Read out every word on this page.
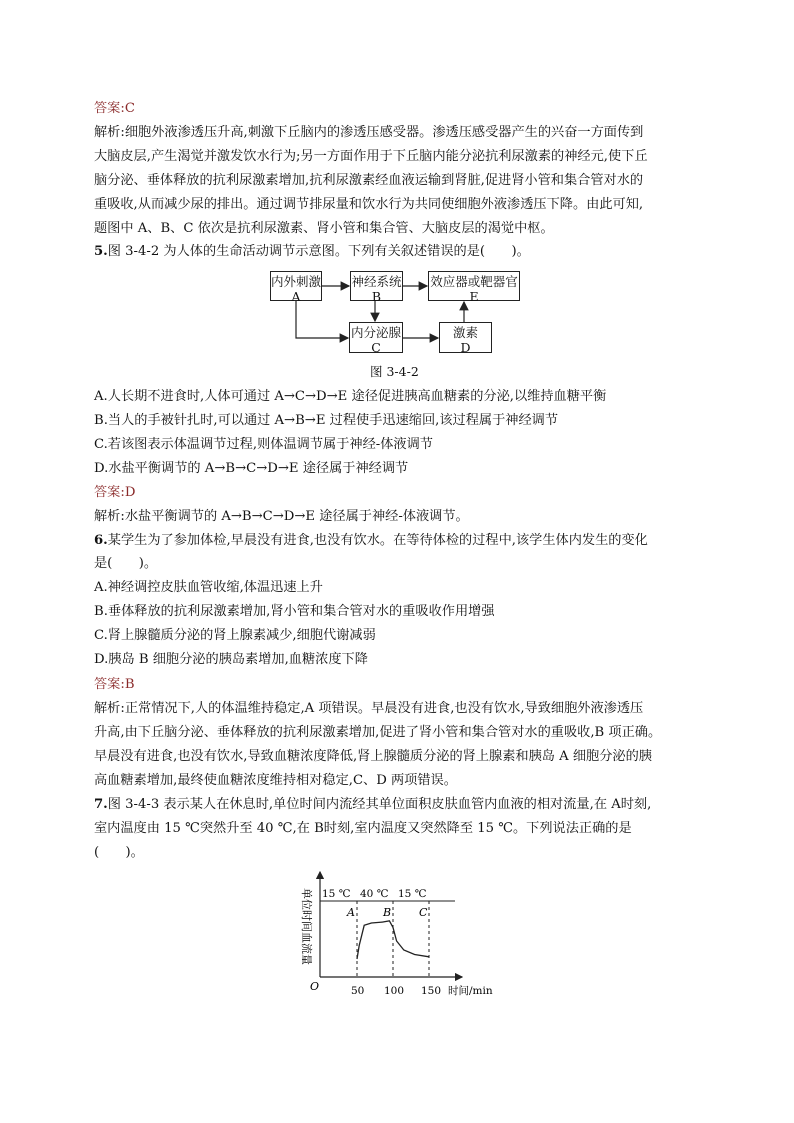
答案:C
解析:细胞外液渗透压升高,刺激下丘脑内的渗透压感受器。渗透压感受器产生的兴奋一方面传到
大脑皮层,产生渴觉并激发饮水行为;另一方面作用于下丘脑内能分泌抗利尿激素的神经元,使下丘
脑分泌、垂体释放的抗利尿激素增加,抗利尿激素经血液运输到肾脏,促进肾小管和集合管对水的
重吸收,从而减少尿的排出。通过调节排尿量和饮水行为共同使细胞外液渗透压下降。由此可知,
题图中 A、B、C 依次是抗利尿激素、肾小管和集合管、大脑皮层的渴觉中枢。
5.图 3-4-2 为人体的生命活动调节示意图。下列有关叙述错误的是(　　)。
内外刺激
A
神经系统
B
效应器或靶器官
E
内分泌腺
C
激素
D
图 3-4-2
A.人长期不进食时,人体可通过 A→C→D→E 途径促进胰高血糖素的分泌,以维持血糖平衡
B.当人的手被针扎时,可以通过 A→B→E 过程使手迅速缩回,该过程属于神经调节
C.若该图表示体温调节过程,则体温调节属于神经-体液调节
D.水盐平衡调节的 A→B→C→D→E 途径属于神经调节
答案:D
解析:水盐平衡调节的 A→B→C→D→E 途径属于神经-体液调节。
6.某学生为了参加体检,早晨没有进食,也没有饮水。在等待体检的过程中,该学生体内发生的变化
是(　　)。
A.神经调控皮肤血管收缩,体温迅速上升
B.垂体释放的抗利尿激素增加,肾小管和集合管对水的重吸收作用增强
C.肾上腺髓质分泌的肾上腺素减少,细胞代谢减弱
D.胰岛 B 细胞分泌的胰岛素增加,血糖浓度下降
答案:B
解析:正常情况下,人的体温维持稳定,A 项错误。早晨没有进食,也没有饮水,导致细胞外液渗透压
升高,由下丘脑分泌、垂体释放的抗利尿激素增加,促进了肾小管和集合管对水的重吸收,B 项正确。
早晨没有进食,也没有饮水,导致血糖浓度降低,肾上腺髓质分泌的肾上腺素和胰岛 A 细胞分泌的胰
高血糖素增加,最终使血糖浓度维持相对稳定,C、D 两项错误。
7.图 3-4-3 表示某人在休息时,单位时间内流经其单位面积皮肤血管内血液的相对流量,在 A时刻,
室内温度由 15 ℃突然升至 40 ℃,在 B时刻,室内温度又突然降至 15 ℃。下列说法正确的是
(　　)。
单位时间血流量 15 ℃ 40 ℃ 15 ℃
A	B	C
O	50 100 150 时间/min
